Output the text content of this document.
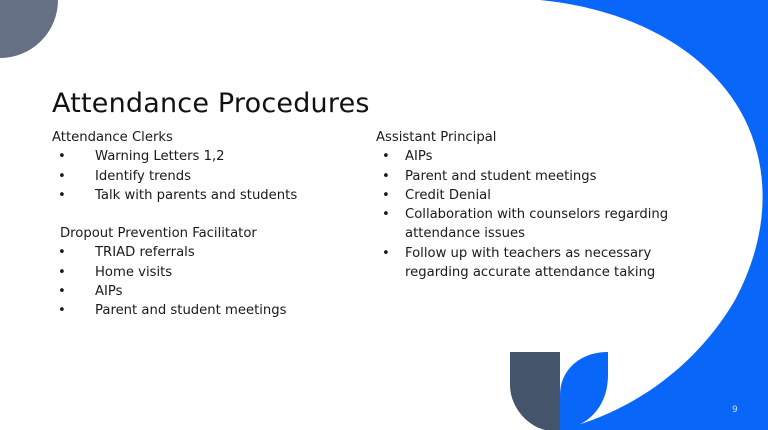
Attendance Procedures
Attendance Clerks
• Warning Letters 1,2
• Identify trends
• Talk with parents and students
Dropout Prevention Facilitator
• TRIAD referrals
• Home visits
• AIPs
• Parent and student meetings
Assistant Principal
• AIPs
• Parent and student meetings
• Credit Denial
• Collaboration with counselors regarding attendance issues
• Follow up with teachers as necessary regarding accurate attendance taking
9
